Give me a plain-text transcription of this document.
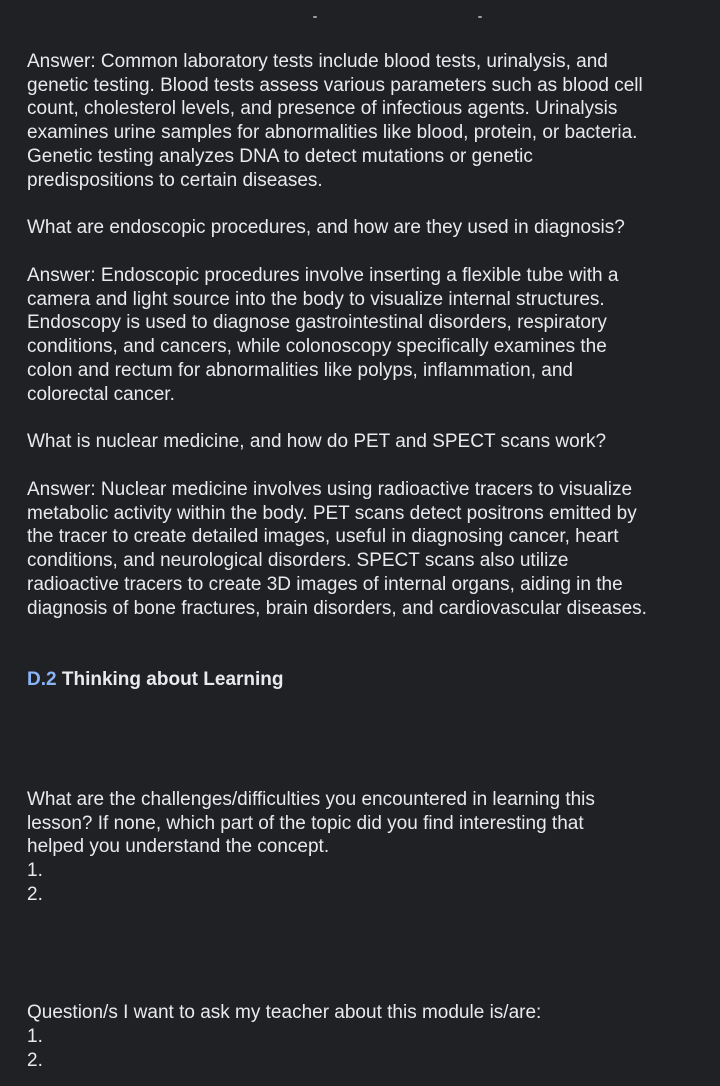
Answer: Common laboratory tests include blood tests, urinalysis, and
genetic testing. Blood tests assess various parameters such as blood cell
count, cholesterol levels, and presence of infectious agents. Urinalysis
examines urine samples for abnormalities like blood, protein, or bacteria.
Genetic testing analyzes DNA to detect mutations or genetic
predispositions to certain diseases.
What are endoscopic procedures, and how are they used in diagnosis?
Answer: Endoscopic procedures involve inserting a flexible tube with a
camera and light source into the body to visualize internal structures.
Endoscopy is used to diagnose gastrointestinal disorders, respiratory
conditions, and cancers, while colonoscopy specifically examines the
colon and rectum for abnormalities like polyps, inflammation, and
colorectal cancer.
What is nuclear medicine, and how do PET and SPECT scans work?
Answer: Nuclear medicine involves using radioactive tracers to visualize
metabolic activity within the body. PET scans detect positrons emitted by
the tracer to create detailed images, useful in diagnosing cancer, heart
conditions, and neurological disorders. SPECT scans also utilize
radioactive tracers to create 3D images of internal organs, aiding in the
diagnosis of bone fractures, brain disorders, and cardiovascular diseases.
D.2 Thinking about Learning
What are the challenges/difficulties you encountered in learning this
lesson? If none, which part of the topic did you find interesting that
helped you understand the concept.
1.
2.
Question/s I want to ask my teacher about this module is/are:
1.
2.
